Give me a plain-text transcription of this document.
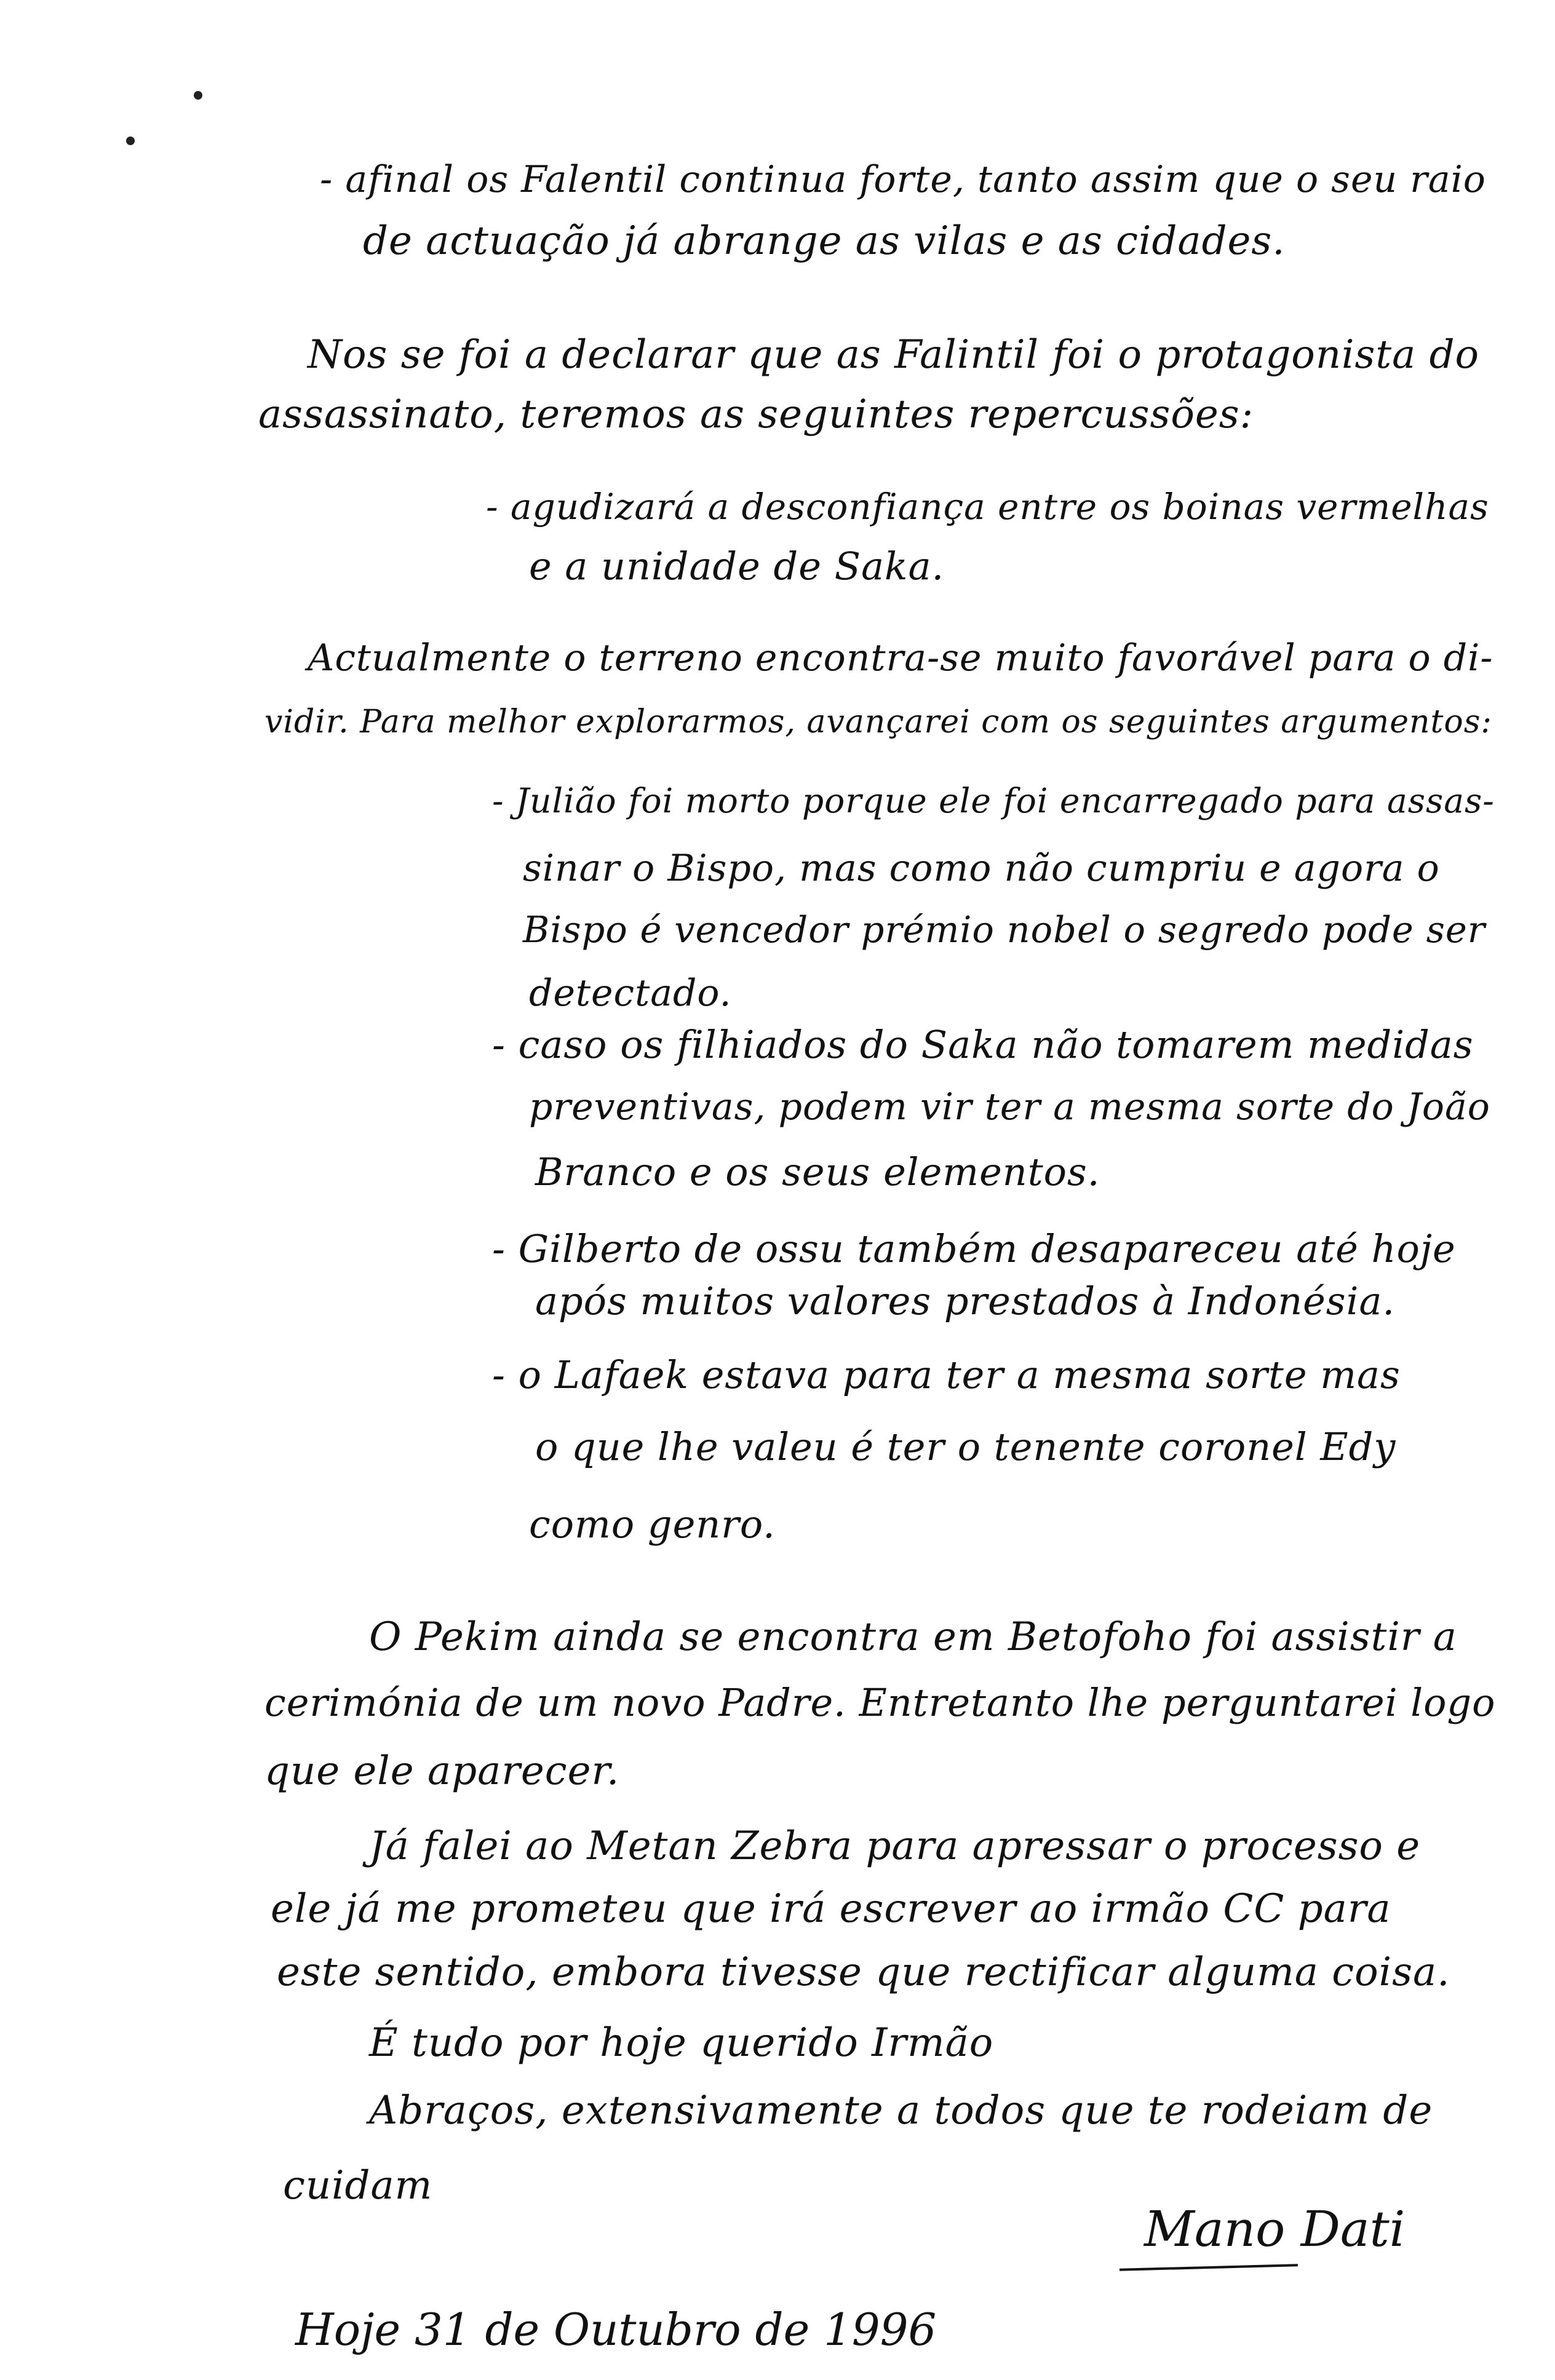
- afinal os Falentil continua forte, tanto assim que o seu raio
de actuação já abrange as vilas e as cidades.
Nos se foi a declarar que as Falintil foi o protagonista do
assassinato, teremos as seguintes repercussões:
- agudizará a desconfiança entre os boinas vermelhas
e a unidade de Saka.
Actualmente o terreno encontra-se muito favorável para o di-
vidir. Para melhor explorarmos, avançarei com os seguintes argumentos:
- Julião foi morto porque ele foi encarregado para assas-
sinar o Bispo, mas como não cumpriu e agora o
Bispo é vencedor prémio nobel o segredo pode ser
detectado.
- caso os filhiados do Saka não tomarem medidas
preventivas, podem vir ter a mesma sorte do João
Branco e os seus elementos.
- Gilberto de ossu também desapareceu até hoje
após muitos valores prestados à Indonésia.
- o Lafaek estava para ter a mesma sorte mas
o que lhe valeu é ter o tenente coronel Edy
como genro.
O Pekim ainda se encontra em Betofoho foi assistir a
cerimónia de um novo Padre. Entretanto lhe perguntarei logo
que ele aparecer.
Já falei ao Metan Zebra para apressar o processo e
ele já me prometeu que irá escrever ao irmão CC para
este sentido, embora tivesse que rectificar alguma coisa.
É tudo por hoje querido Irmão
Abraços, extensivamente a todos que te rodeiam de
cuidam
Mano Dati
Hoje 31 de Outubro de 1996
